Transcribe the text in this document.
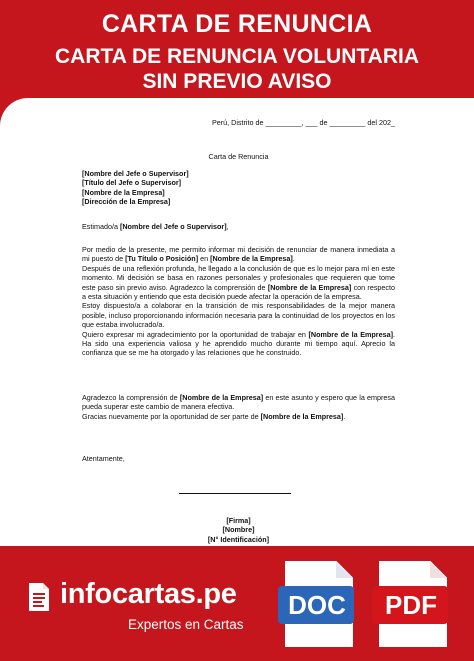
CARTA DE RENUNCIA
CARTA DE RENUNCIA VOLUNTARIA
SIN PREVIO AVISO
Perú, Distrito de _________, ___ de _________ del 202_
Carta de Renuncia
[Nombre del Jefe o Supervisor]
[Título del Jefe o Supervisor]
[Nombre de la Empresa]
[Dirección de la Empresa]
Estimado/a [Nombre del Jefe o Supervisor],
Por medio de la presente, me permito informar mi decisión de renunciar de manera inmediata a mi puesto de [Tu Título o Posición] en [Nombre de la Empresa].
Después de una reflexión profunda, he llegado a la conclusión de que es lo mejor para mí en este momento. Mi decisión se basa en razones personales y profesionales que requieren que tome este paso sin previo aviso. Agradezco la comprensión de [Nombre de la Empresa] con respecto a esta situación y entiendo que esta decisión puede afectar la operación de la empresa.
Estoy dispuesto/a a colaborar en la transición de mis responsabilidades de la mejor manera posible, incluso proporcionando información necesaria para la continuidad de los proyectos en los que estaba involucrado/a.
Quiero expresar mi agradecimiento por la oportunidad de trabajar en [Nombre de la Empresa]. Ha sido una experiencia valiosa y he aprendido mucho durante mi tiempo aquí. Aprecio la confianza que se me ha otorgado y las relaciones que he construido.
Agradezco la comprensión de [Nombre de la Empresa] en este asunto y espero que la empresa pueda superar este cambio de manera efectiva.
Gracias nuevamente por la oportunidad de ser parte de [Nombre de la Empresa].
Atentamente,
[Firma]
[Nombre]
[N° Identificación]
infocartas.pe
Expertos en Cartas
DOC	PDF
